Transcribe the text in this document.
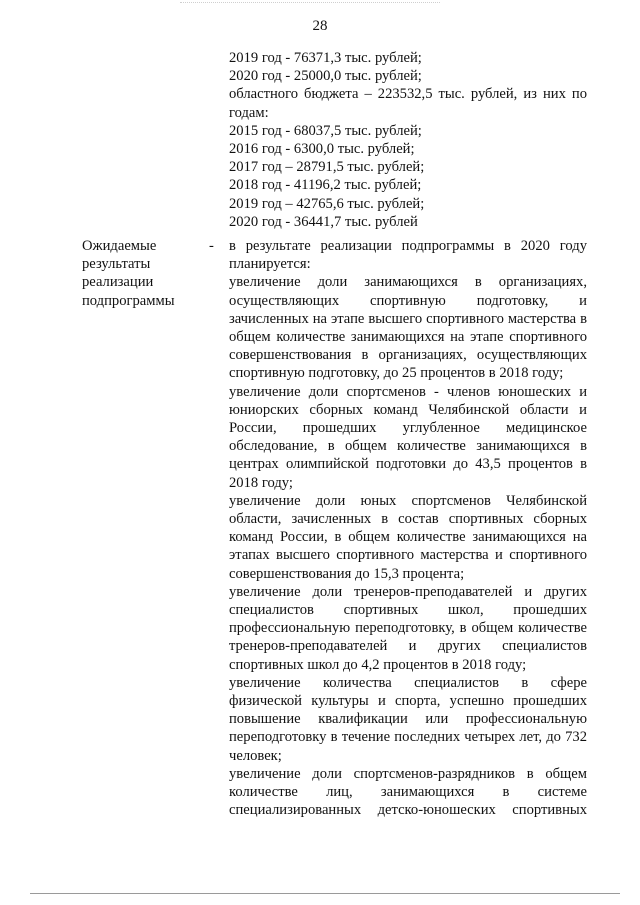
28

2019 год - 76371,3 тыс. рублей;

2020 год - 25000,0 тыс. рублей;

областного бюджета – 223532,5 тыс. рублей, из них по годам:

2015 год - 68037,5 тыс. рублей;

2016 год - 6300,0 тыс. рублей;

2017 год – 28791,5 тыс. рублей;

2018 год - 41196,2 тыс. рублей;

2019 год – 42765,6 тыс. рублей;

2020 год - 36441,7 тыс. рублей

Ожидаемые результаты реализации подпрограммы
- в результате реализации подпрограммы в 2020 году планируется:

увеличение доли занимающихся в организациях, осуществляющих спортивную подготовку, и зачисленных на этапе высшего спортивного мастерства в общем количестве занимающихся на этапе спортивного совершенствования в организациях, осуществляющих спортивную подготовку, до 25 процентов в 2018 году;

увеличение доли спортсменов - членов юношеских и юниорских сборных команд Челябинской области и России, прошедших углубленное медицинское обследование, в общем количестве занимающихся в центрах олимпийской подготовки до 43,5 процентов в 2018 году;

увеличение доли юных спортсменов Челябинской области, зачисленных в состав спортивных сборных команд России, в общем количестве занимающихся на этапах высшего спортивного мастерства и спортивного совершенствования до 15,3 процента;

увеличение доли тренеров-преподавателей и других специалистов спортивных школ, прошедших профессиональную переподготовку, в общем количестве тренеров-преподавателей и других специалистов спортивных школ до 4,2 процентов в 2018 году;

увеличение количества специалистов в сфере физической культуры и спорта, успешно прошедших повышение квалификации или профессиональную переподготовку в течение последних четырех лет, до 732 человек;

увеличение доли спортсменов-разрядников в общем количестве лиц, занимающихся в системе специализированных детско-юношеских спортивных
